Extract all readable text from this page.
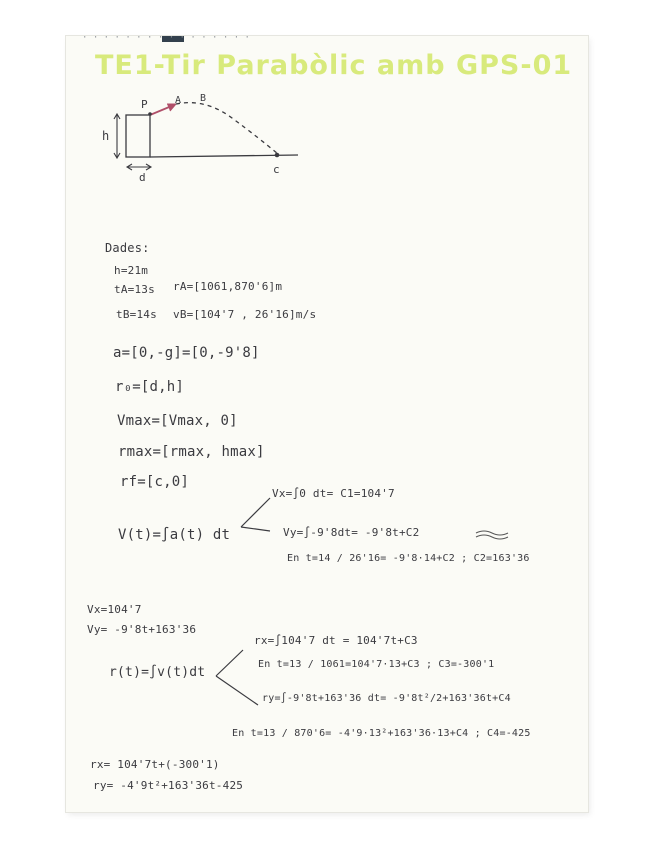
· · · · · · · · · · · · · · · ·
TE1-Tir Parabòlic amb GPS-01
P	A B
h
d
c
Dades:
h=21m
tA=13s rA=[1061,870'6]m
tB=14s vB=[104'7 , 26'16]m/s
a=[0,-g]=[0,-9'8]
r₀=[d,h]
Vmax=[Vmax, 0]
rmax=[rmax, hmax]
rf=[c,0]
V(t)=∫a(t) dt
Vx=∫0 dt= C1=104'7
Vy=∫-9'8dt= -9'8t+C2
En t=14 / 26'16= -9'8·14+C2 ; C2=163'36
Vx=104'7
Vy= -9'8t+163'36
r(t)=∫v(t)dt
rx=∫104'7 dt = 104'7t+C3
En t=13 / 1061=104'7·13+C3 ; C3=-300'1
ry=∫-9'8t+163'36 dt= -9'8t²/2+163'36t+C4
En t=13 / 870'6= -4'9·13²+163'36·13+C4 ; C4=-425
rx= 104'7t+(-300'1)
ry= -4'9t²+163'36t-425
